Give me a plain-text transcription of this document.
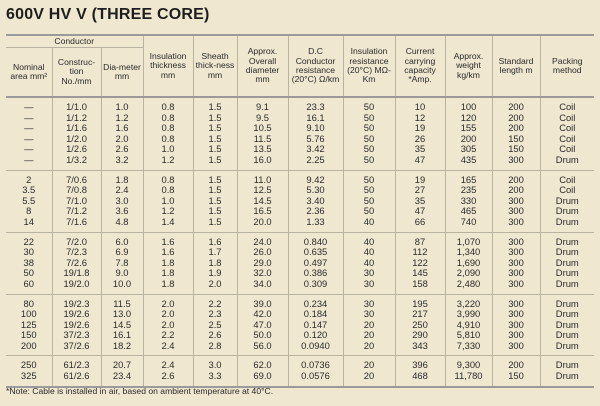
600V HV V (THREE CORE)
Conductor			Insulation thickness mm	Sheath thick-ness mm	Approx. Overall diameter mm	D.C Conductor resistance (20°C) Ω/km	Insulation resistance (20°C) MΩ-Km	Current carrying capacity *Amp.	Approx. weight kg/km	Standard length m	Packing method
Nominal area mm²	Construc-tion No./mm	Dia-meter mm									
—	1/1.0	1.0	0.8	1.5	9.1	23.3	50	10	100	200	Coil
—	1/1.2	1.2	0.8	1.5	9.5	16.1	50	12	120	200	Coil
—	1/1.6	1.6	0.8	1.5	10.5	9.10	50	19	155	200	Coil
—	1/2.0	2.0	0.8	1.5	11.5	5.76	50	26	200	150	Coil
—	1/2.6	2.6	1.0	1.5	13.5	3.42	50	35	305	150	Coil
—	1/3.2	3.2	1.2	1.5	16.0	2.25	50	47	435	300	Drum
2	7/0.6	1.8	0.8	1.5	11.0	9.42	50	19	165	200	Coil
3.5	7/0.8	2.4	0.8	1.5	12.5	5.30	50	27	235	200	Coil
5.5	7/1.0	3.0	1.0	1.5	14.5	3.40	50	35	330	300	Drum
8	7/1.2	3.6	1.2	1.5	16.5	2.36	50	47	465	300	Drum
14	7/1.6	4.8	1.4	1.5	20.0	1.33	40	66	740	300	Drum
22	7/2.0	6.0	1.6	1.6	24.0	0.840	40	87	1,070	300	Drum
30	7/2.3	6.9	1.6	1.7	26.0	0.635	40	112	1,340	300	Drum
38	7/2.6	7.8	1.8	1.8	29.0	0.497	40	122	1,690	300	Drum
50	19/1.8	9.0	1.8	1.9	32.0	0.386	30	145	2,090	300	Drum
60	19/2.0	10.0	1.8	2.0	34.0	0.309	30	158	2,480	300	Drum
80	19/2.3	11.5	2.0	2.2	39.0	0.234	30	195	3,220	300	Drum
100	19/2.6	13.0	2.0	2.3	42.0	0.184	30	217	3,990	300	Drum
125	19/2.6	14.5	2.0	2.5	47.0	0.147	20	250	4,910	300	Drum
150	37/2.3	16.1	2.2	2.6	50.0	0.120	20	290	5,810	300	Drum
200	37/2.6	18.2	2.4	2.8	56.0	0.0940	20	343	7,330	300	Drum
250	61/2.3	20.7	2.4	3.0	62.0	0.0736	20	396	9,300	200	Drum
325	61/2.6	23.4	2.6	3.3	69.0	0.0576	20	468	11,780	150	Drum
*Note: Cable is installed in air, based on ambient temperature at 40°C.
